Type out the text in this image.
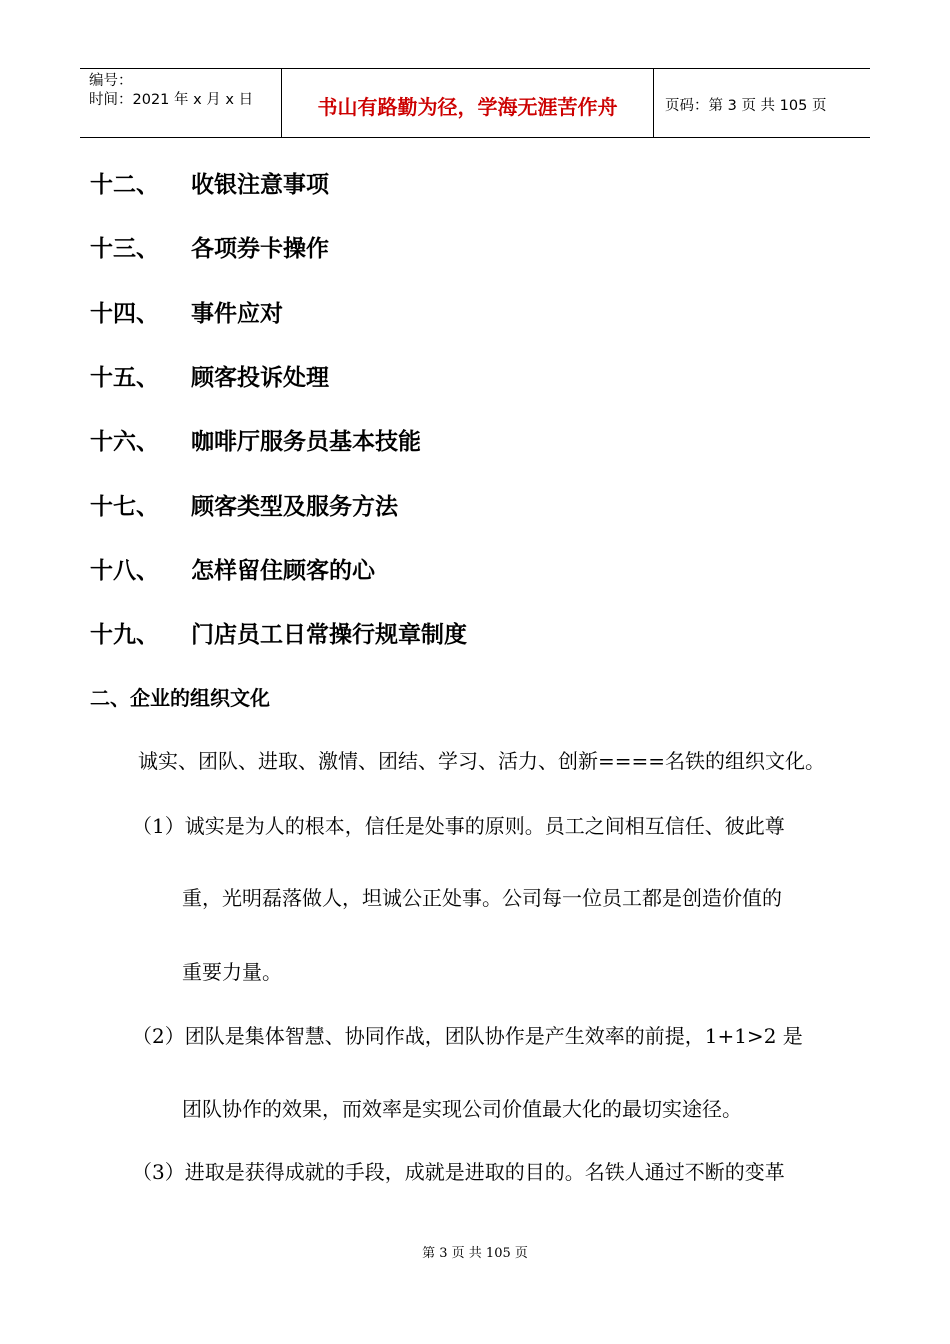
编号：
时间：2021 年 x 月 x 日	书山有路勤为径，学海无涯苦作舟	页码：第 3 页 共 105 页
十二、 收银注意事项
十三、 各项券卡操作
十四、 事件应对
十五、 顾客投诉处理
十六、 咖啡厅服务员基本技能
十七、 顾客类型及服务方法
十八、 怎样留住顾客的心
十九、 门店员工日常操行规章制度
二、企业的组织文化
诚实、团队、进取、激情、团结、学习、活力、创新====名铁的组织文化。
（1）诚实是为人的根本，信任是处事的原则。员工之间相互信任、彼此尊
重，光明磊落做人，坦诚公正处事。公司每一位员工都是创造价值的
重要力量。
（2）团队是集体智慧、协同作战，团队协作是产生效率的前提，1+1>2 是
团队协作的效果，而效率是实现公司价值最大化的最切实途径。
（3）进取是获得成就的手段，成就是进取的目的。名铁人通过不断的变革
第 3 页 共 105 页
